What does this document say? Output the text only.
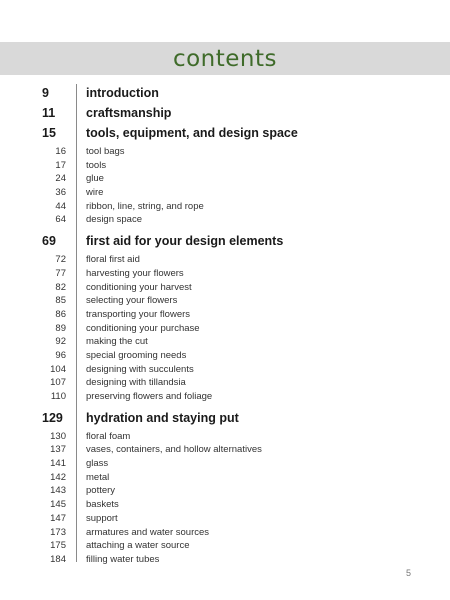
contents
9	introduction
11	craftsmanship
15	tools, equipment, and design space
16 tool bags
17 tools
24 glue
36 wire
44 ribbon, line, string, and rope
64 design space
69	first aid for your design elements
72 floral first aid
77 harvesting your flowers
82 conditioning your harvest
85 selecting your flowers
86 transporting your flowers
89 conditioning your purchase
92 making the cut
96 special grooming needs
104 designing with succulents
107 designing with tillandsia
110 preserving flowers and foliage
129	hydration and staying put
130 floral foam
137 vases, containers, and hollow alternatives
141 glass
142 metal
143 pottery
145 baskets
147 support
173 armatures and water sources
175 attaching a water source
184 filling water tubes
5
